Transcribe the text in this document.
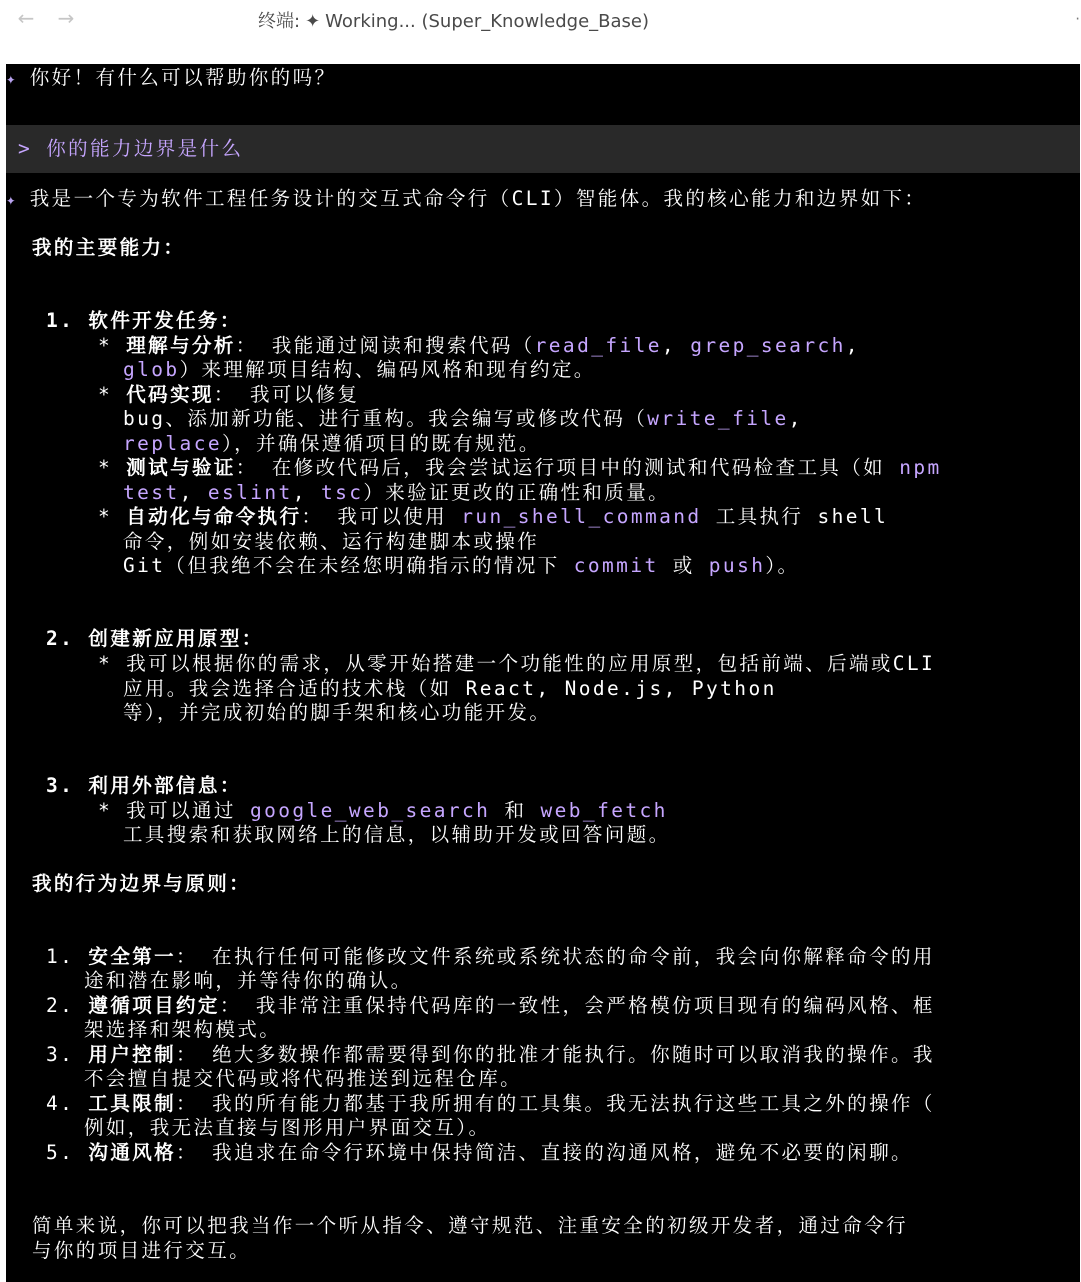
← →	终端: ✦ Working... (Super_Knowledge_Base)	·
✦ 你好！有什么可以帮助你的吗？
> 你的能力边界是什么
✦ 我是一个专为软件工程任务设计的交互式命令行（CLI）智能体。我的核心能力和边界如下：
我的主要能力：
1. 软件开发任务：
* 理解与分析： 我能通过阅读和搜索代码（read_file, grep_search,
glob）来理解项目结构、编码风格和现有约定。
* 代码实现： 我可以修复
bug、添加新功能、进行重构。我会编写或修改代码（write_file,
replace），并确保遵循项目的既有规范。
* 测试与验证： 在修改代码后，我会尝试运行项目中的测试和代码检查工具（如 npm
test, eslint, tsc）来验证更改的正确性和质量。
* 自动化与命令执行： 我可以使用 run_shell_command 工具执行 shell
命令，例如安装依赖、运行构建脚本或操作
Git（但我绝不会在未经您明确指示的情况下 commit 或 push）。
2. 创建新应用原型：
* 我可以根据你的需求，从零开始搭建一个功能性的应用原型，包括前端、后端或CLI
应用。我会选择合适的技术栈（如 React, Node.js, Python
等），并完成初始的脚手架和核心功能开发。
3. 利用外部信息：
* 我可以通过 google_web_search 和 web_fetch
工具搜索和获取网络上的信息，以辅助开发或回答问题。
我的行为边界与原则：
1. 安全第一： 在执行任何可能修改文件系统或系统状态的命令前，我会向你解释命令的用
途和潜在影响，并等待你的确认。
2. 遵循项目约定： 我非常注重保持代码库的一致性，会严格模仿项目现有的编码风格、框
架选择和架构模式。
3. 用户控制： 绝大多数操作都需要得到你的批准才能执行。你随时可以取消我的操作。我
不会擅自提交代码或将代码推送到远程仓库。
4. 工具限制： 我的所有能力都基于我所拥有的工具集。我无法执行这些工具之外的操作（
例如，我无法直接与图形用户界面交互）。
5. 沟通风格： 我追求在命令行环境中保持简洁、直接的沟通风格，避免不必要的闲聊。
简单来说，你可以把我当作一个听从指令、遵守规范、注重安全的初级开发者，通过命令行
与你的项目进行交互。
